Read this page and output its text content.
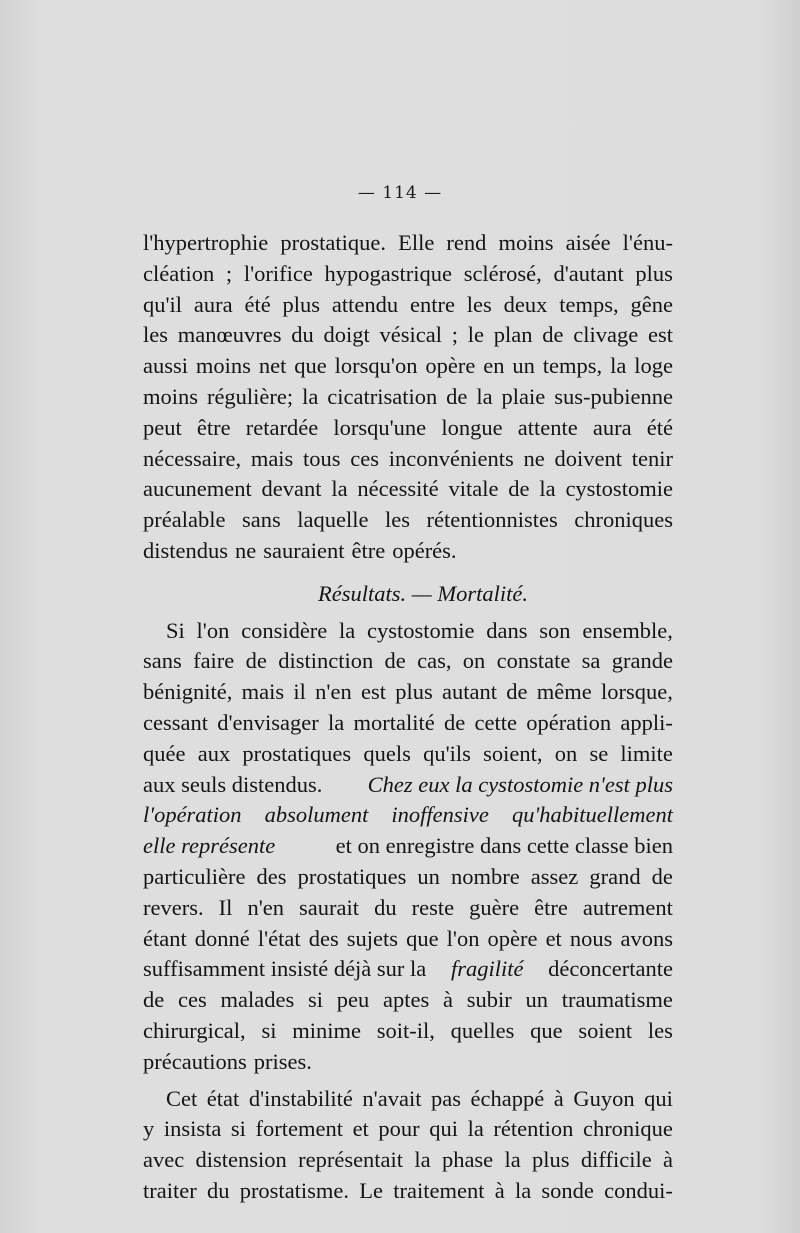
— 114 —
l'hypertrophie prostatique. Elle rend moins aisée l'énu-
cléation ; l'orifice hypogastrique sclérosé, d'autant plus
qu'il aura été plus attendu entre les deux temps, gêne
les manœuvres du doigt vésical ; le plan de clivage est
aussi moins net que lorsqu'on opère en un temps, la loge
moins régulière; la cicatrisation de la plaie sus-pubienne
peut être retardée lorsqu'une longue attente aura été
nécessaire, mais tous ces inconvénients ne doivent tenir
aucunement devant la nécessité vitale de la cystostomie
préalable sans laquelle les rétentionnistes chroniques
distendus ne sauraient être opérés.
Résultats. — Mortalité.
Si l'on considère la cystostomie dans son ensemble,
sans faire de distinction de cas, on constate sa grande
bénignité, mais il n'en est plus autant de même lorsque,
cessant d'envisager la mortalité de cette opération appli-
quée aux prostatiques quels qu'ils soient, on se limite
aux seuls distendus. Chez eux la cystostomie n'est plus
l'opération absolument inoffensive qu'habituellement
elle représente	et on enregistre dans cette classe bien
particulière des prostatiques un nombre assez grand de
revers. Il n'en saurait du reste guère être autrement
étant donné l'état des sujets que l'on opère et nous avons
suffisamment insisté déjà sur la fragilité déconcertante
de ces malades si peu aptes à subir un traumatisme
chirurgical, si minime soit-il, quelles que soient les
précautions prises.
Cet état d'instabilité n'avait pas échappé à Guyon qui
y insista si fortement et pour qui la rétention chronique
avec distension représentait la phase la plus difficile à
traiter du prostatisme. Le traitement à la sonde condui-
